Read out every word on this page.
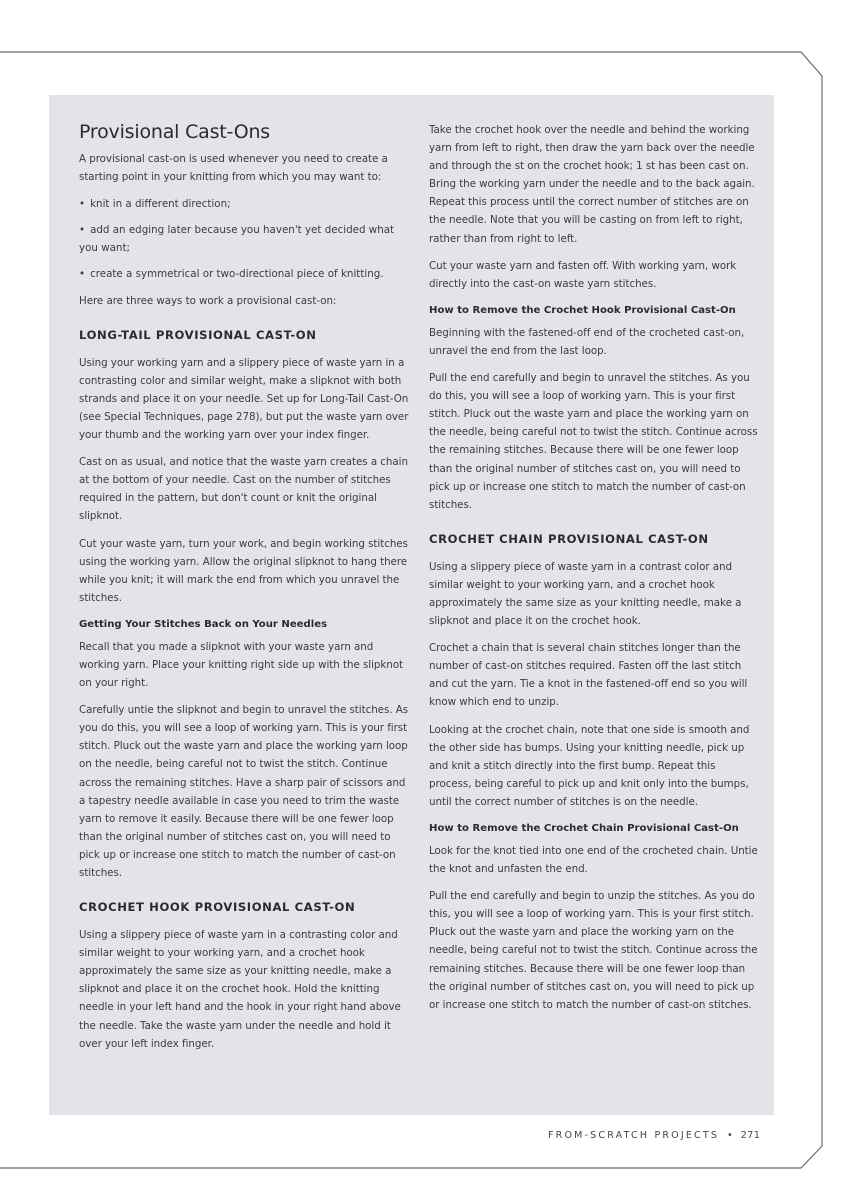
Provisional Cast-Ons

A provisional cast-on is used whenever you need to create a starting point in your knitting from which you may want to:

• knit in a different direction;
• add an edging later because you haven't yet decided what you want;
• create a symmetrical or two-directional piece of knitting.

Here are three ways to work a provisional cast-on:

LONG-TAIL PROVISIONAL CAST-ON

Using your working yarn and a slippery piece of waste yarn in a contrasting color and similar weight, make a slipknot with both strands and place it on your needle. Set up for Long-Tail Cast-On (see Special Techniques, page 278), but put the waste yarn over your thumb and the working yarn over your index finger.

Cast on as usual, and notice that the waste yarn creates a chain at the bottom of your needle. Cast on the number of stitches required in the pattern, but don't count or knit the original slipknot.

Cut your waste yarn, turn your work, and begin working stitches using the working yarn. Allow the original slipknot to hang there while you knit; it will mark the end from which you unravel the stitches.

Getting Your Stitches Back on Your Needles

Recall that you made a slipknot with your waste yarn and working yarn. Place your knitting right side up with the slipknot on your right.

Carefully untie the slipknot and begin to unravel the stitches. As you do this, you will see a loop of working yarn. This is your first stitch. Pluck out the waste yarn and place the working yarn loop on the needle, being careful not to twist the stitch. Continue across the remaining stitches. Have a sharp pair of scissors and a tapestry needle available in case you need to trim the waste yarn to remove it easily. Because there will be one fewer loop than the original number of stitches cast on, you will need to pick up or increase one stitch to match the number of cast-on stitches.

CROCHET HOOK PROVISIONAL CAST-ON

Using a slippery piece of waste yarn in a contrasting color and similar weight to your working yarn, and a crochet hook approximately the same size as your knitting needle, make a slipknot and place it on the crochet hook. Hold the knitting needle in your left hand and the hook in your right hand above the needle. Take the waste yarn under the needle and hold it over your left index finger.

Take the crochet hook over the needle and behind the working yarn from left to right, then draw the yarn back over the needle and through the st on the crochet hook; 1 st has been cast on. Bring the working yarn under the needle and to the back again. Repeat this process until the correct number of stitches are on the needle. Note that you will be casting on from left to right, rather than from right to left.

Cut your waste yarn and fasten off. With working yarn, work directly into the cast-on waste yarn stitches.

How to Remove the Crochet Hook Provisional Cast-On

Beginning with the fastened-off end of the crocheted cast-on, unravel the end from the last loop.

Pull the end carefully and begin to unravel the stitches. As you do this, you will see a loop of working yarn. This is your first stitch. Pluck out the waste yarn and place the working yarn on the needle, being careful not to twist the stitch. Continue across the remaining stitches. Because there will be one fewer loop than the original number of stitches cast on, you will need to pick up or increase one stitch to match the number of cast-on stitches.

CROCHET CHAIN PROVISIONAL CAST-ON

Using a slippery piece of waste yarn in a contrast color and similar weight to your working yarn, and a crochet hook approximately the same size as your knitting needle, make a slipknot and place it on the crochet hook.

Crochet a chain that is several chain stitches longer than the number of cast-on stitches required. Fasten off the last stitch and cut the yarn. Tie a knot in the fastened-off end so you will know which end to unzip.

Looking at the crochet chain, note that one side is smooth and the other side has bumps. Using your knitting needle, pick up and knit a stitch directly into the first bump. Repeat this process, being careful to pick up and knit only into the bumps, until the correct number of stitches is on the needle.

How to Remove the Crochet Chain Provisional Cast-On

Look for the knot tied into one end of the crocheted chain. Untie the knot and unfasten the end.

Pull the end carefully and begin to unzip the stitches. As you do this, you will see a loop of working yarn. This is your first stitch. Pluck out the waste yarn and place the working yarn on the needle, being careful not to twist the stitch. Continue across the remaining stitches. Because there will be one fewer loop than the original number of stitches cast on, you will need to pick up or increase one stitch to match the number of cast-on stitches.

FROM-SCRATCH PROJECTS • 271
